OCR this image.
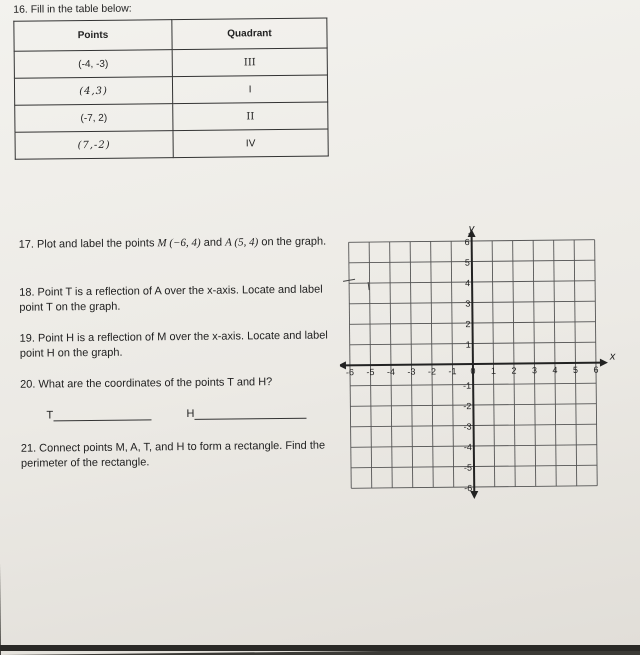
16. Fill in the table below:
Points	Quadrant
(-4, -3)	III
(4,3)	I
(-7, 2)	II
(7,-2)	IV
17. Plot and label the points M (−6, 4) and A (5, 4) on the graph.
18. Point T is a reflection of A over the x-axis. Locate and label point T on the graph.
19. Point H is a reflection of M over the x-axis. Locate and label point H on the graph.
20. What are the coordinates of the points T and H?
T	H
21. Connect points M, A, T, and H to form a rectangle. Find the perimeter of the rectangle.
-6 -5 -4 -3 -2 -1 0 1 2 3 4 5 6
6
5
4
3
2
1
-1
-2
-3
-4
-5
-6
x
y
